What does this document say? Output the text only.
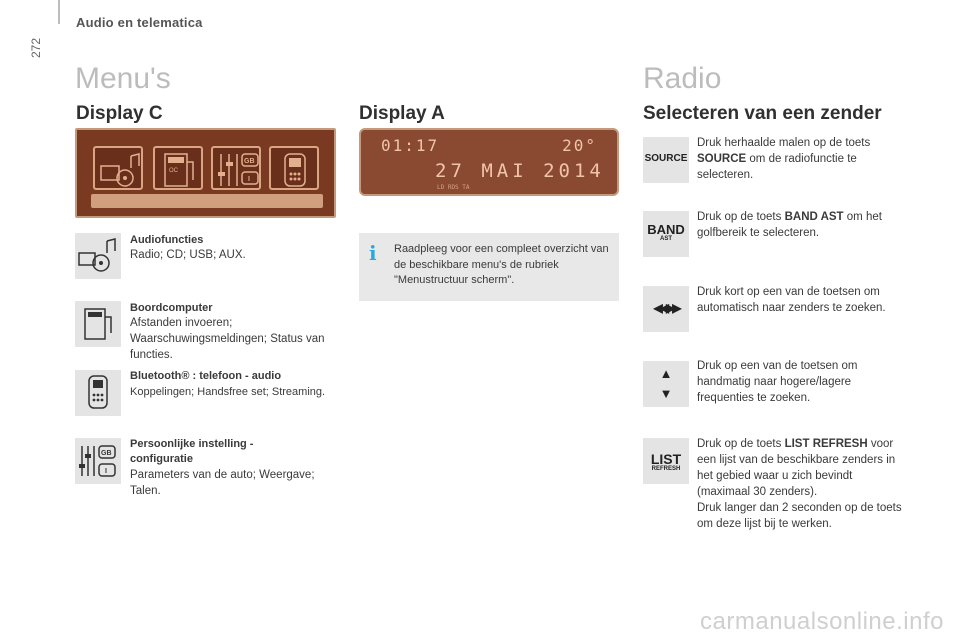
272
Audio en telematica
Menu's
Display C
OC
GB
I
Audiofuncties
Radio; CD; USB; AUX.
Boordcomputer
Afstanden invoeren; Waarschuwingsmeldingen; Status van functies.
Bluetooth® : telefoon - audio
Koppelingen; Handsfree set; Streaming.
GB
I
Persoonlijke instelling -
configuratie
Parameters van de auto; Weergave; Talen.
Display A
01:17	20°
27 MAI 2014
LD RDS TA
i Raadpleeg voor een compleet overzicht van de beschikbare menu's de rubriek "Menustructuur scherm".
Radio
Selecteren van een zender
SOURCE
Druk herhaalde malen op de toets SOURCE om de radiofunctie te selecteren.
BAND
AST
Druk op de toets BAND AST om het golfbereik te selecteren.
◀◀▶▶
Druk kort op een van de toetsen om automatisch naar zenders te zoeken.
▲
▼
Druk op een van de toetsen om handmatig naar hogere/lagere frequenties te zoeken.
LIST
REFRESH
Druk op de toets LIST REFRESH voor een lijst van de beschikbare zenders in het gebied waar u zich bevindt (maximaal 30 zenders).
Druk langer dan 2 seconden op de toets om deze lijst bij te werken.
carmanualsonline.info
